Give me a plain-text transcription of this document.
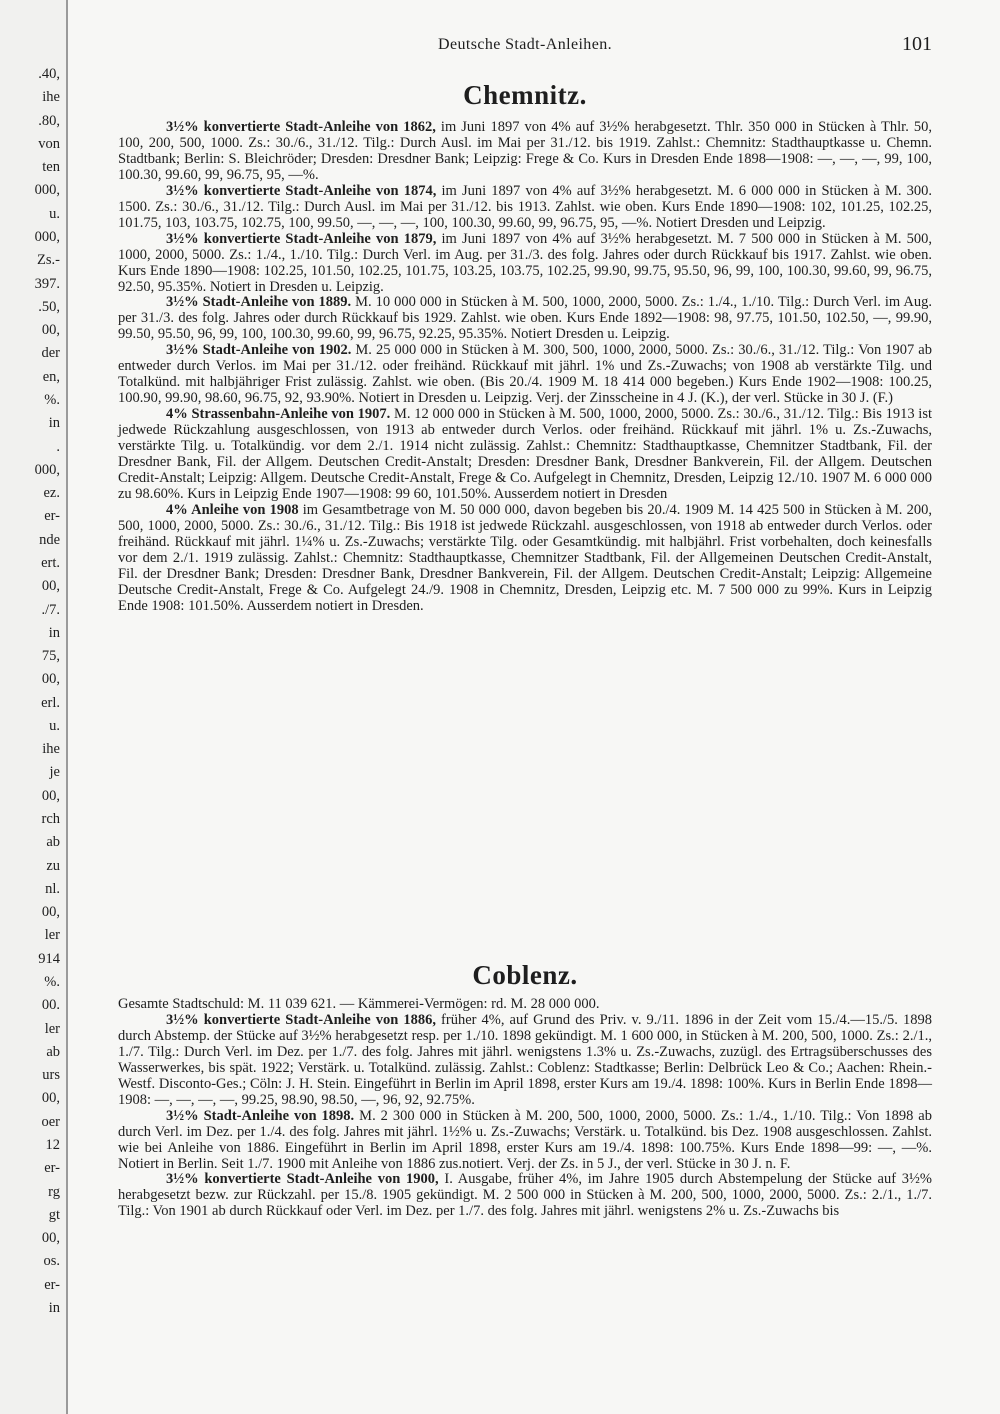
.40,

ihe

.80,

von

ten

000,

u.

000,

Zs.-

397.

.50,

00,

der

en,

%.

in

.

000,

ez.

er-

nde

ert.

00,

./7.

in

75,

00,

erl.

u.

ihe

je

00,

rch

ab

zu

nl.

00,

ler

914

%.

00.

ler

ab

urs

00,

oer

12

er-

rg

gt

00,

os.

er-

in

Deutsche Stadt-Anleihen.	101

Chemnitz.

3½% konvertierte Stadt-Anleihe von 1862, im Juni 1897 von 4% auf 3½% herabgesetzt. Thlr. 350 000 in Stücken à Thlr. 50, 100, 200, 500, 1000. Zs.: 30./6., 31./12. Tilg.: Durch Ausl. im Mai per 31./12. bis 1919. Zahlst.: Chemnitz: Stadthauptkasse u. Chemn. Stadtbank; Berlin: S. Bleichröder; Dresden: Dresdner Bank; Leipzig: Frege & Co. Kurs in Dresden Ende 1898—1908: —, —, —, 99, 100, 100.30, 99.60, 99, 96.75, 95, —%.

3½% konvertierte Stadt-Anleihe von 1874, im Juni 1897 von 4% auf 3½% herabgesetzt. M. 6 000 000 in Stücken à M. 300. 1500. Zs.: 30./6., 31./12. Tilg.: Durch Ausl. im Mai per 31./12. bis 1913. Zahlst. wie oben. Kurs Ende 1890—1908: 102, 101.25, 102.25, 101.75, 103, 103.75, 102.75, 100, 99.50, —, —, —, 100, 100.30, 99.60, 99, 96.75, 95, —%. Notiert Dresden und Leipzig.

3½% konvertierte Stadt-Anleihe von 1879, im Juni 1897 von 4% auf 3½% herabgesetzt. M. 7 500 000 in Stücken à M. 500, 1000, 2000, 5000. Zs.: 1./4., 1./10. Tilg.: Durch Verl. im Aug. per 31./3. des folg. Jahres oder durch Rückkauf bis 1917. Zahlst. wie oben. Kurs Ende 1890—1908: 102.25, 101.50, 102.25, 101.75, 103.25, 103.75, 102.25, 99.90, 99.75, 95.50, 96, 99, 100, 100.30, 99.60, 99, 96.75, 92.50, 95.35%. Notiert in Dresden u. Leipzig.

3½% Stadt-Anleihe von 1889. M. 10 000 000 in Stücken à M. 500, 1000, 2000, 5000. Zs.: 1./4., 1./10. Tilg.: Durch Verl. im Aug. per 31./3. des folg. Jahres oder durch Rückkauf bis 1929. Zahlst. wie oben. Kurs Ende 1892—1908: 98, 97.75, 101.50, 102.50, —, 99.90, 99.50, 95.50, 96, 99, 100, 100.30, 99.60, 99, 96.75, 92.25, 95.35%. Notiert Dresden u. Leipzig.

3½% Stadt-Anleihe von 1902. M. 25 000 000 in Stücken à M. 300, 500, 1000, 2000, 5000. Zs.: 30./6., 31./12. Tilg.: Von 1907 ab entweder durch Verlos. im Mai per 31./12. oder freihänd. Rückkauf mit jährl. 1% und Zs.-Zuwachs; von 1908 ab verstärkte Tilg. und Totalkünd. mit halbjähriger Frist zulässig. Zahlst. wie oben. (Bis 20./4. 1909 M. 18 414 000 begeben.) Kurs Ende 1902—1908: 100.25, 100.90, 99.90, 98.60, 96.75, 92, 93.90%. Notiert in Dresden u. Leipzig. Verj. der Zinsscheine in 4 J. (K.), der verl. Stücke in 30 J. (F.)

4% Strassenbahn-Anleihe von 1907. M. 12 000 000 in Stücken à M. 500, 1000, 2000, 5000. Zs.: 30./6., 31./12. Tilg.: Bis 1913 ist jedwede Rückzahlung ausgeschlossen, von 1913 ab entweder durch Verlos. oder freihänd. Rückkauf mit jährl. 1% u. Zs.-Zuwachs, verstärkte Tilg. u. Totalkündig. vor dem 2./1. 1914 nicht zulässig. Zahlst.: Chemnitz: Stadthauptkasse, Chemnitzer Stadtbank, Fil. der Dresdner Bank, Fil. der Allgem. Deutschen Credit-Anstalt; Dresden: Dresdner Bank, Dresdner Bankverein, Fil. der Allgem. Deutschen Credit-Anstalt; Leipzig: Allgem. Deutsche Credit-Anstalt, Frege & Co. Aufgelegt in Chemnitz, Dresden, Leipzig 12./10. 1907 M. 6 000 000 zu 98.60%. Kurs in Leipzig Ende 1907—1908: 99 60, 101.50%. Ausserdem notiert in Dresden

4% Anleihe von 1908 im Gesamtbetrage von M. 50 000 000, davon begeben bis 20./4. 1909 M. 14 425 500 in Stücken à M. 200, 500, 1000, 2000, 5000. Zs.: 30./6., 31./12. Tilg.: Bis 1918 ist jedwede Rückzahl. ausgeschlossen, von 1918 ab entweder durch Verlos. oder freihänd. Rückkauf mit jährl. 1¼% u. Zs.-Zuwachs; verstärkte Tilg. oder Gesamtkündig. mit halbjährl. Frist vorbehalten, doch keinesfalls vor dem 2./1. 1919 zulässig. Zahlst.: Chemnitz: Stadthauptkasse, Chemnitzer Stadtbank, Fil. der Allgemeinen Deutschen Credit-Anstalt, Fil. der Dresdner Bank; Dresden: Dresdner Bank, Dresdner Bankverein, Fil. der Allgem. Deutschen Credit-Anstalt; Leipzig: Allgemeine Deutsche Credit-Anstalt, Frege & Co. Aufgelegt 24./9. 1908 in Chemnitz, Dresden, Leipzig etc. M. 7 500 000 zu 99%. Kurs in Leipzig Ende 1908: 101.50%. Ausserdem notiert in Dresden.

Coblenz.

Gesamte Stadtschuld: M. 11 039 621. — Kämmerei-Vermögen: rd. M. 28 000 000.

3½% konvertierte Stadt-Anleihe von 1886, früher 4%, auf Grund des Priv. v. 9./11. 1896 in der Zeit vom 15./4.—15./5. 1898 durch Abstemp. der Stücke auf 3½% herabgesetzt resp. per 1./10. 1898 gekündigt. M. 1 600 000, in Stücken à M. 200, 500, 1000. Zs.: 2./1., 1./7. Tilg.: Durch Verl. im Dez. per 1./7. des folg. Jahres mit jährl. wenigstens 1.3% u. Zs.-Zuwachs, zuzügl. des Ertragsüberschusses des Wasserwerkes, bis spät. 1922; Verstärk. u. Totalkünd. zulässig. Zahlst.: Coblenz: Stadtkasse; Berlin: Delbrück Leo & Co.; Aachen: Rhein.-Westf. Disconto-Ges.; Cöln: J. H. Stein. Eingeführt in Berlin im April 1898, erster Kurs am 19./4. 1898: 100%. Kurs in Berlin Ende 1898—1908: —, —, —, —, 99.25, 98.90, 98.50, —, 96, 92, 92.75%.

3½% Stadt-Anleihe von 1898. M. 2 300 000 in Stücken à M. 200, 500, 1000, 2000, 5000. Zs.: 1./4., 1./10. Tilg.: Von 1898 ab durch Verl. im Dez. per 1./4. des folg. Jahres mit jährl. 1½% u. Zs.-Zuwachs; Verstärk. u. Totalkünd. bis Dez. 1908 ausgeschlossen. Zahlst. wie bei Anleihe von 1886. Eingeführt in Berlin im April 1898, erster Kurs am 19./4. 1898: 100.75%. Kurs Ende 1898—99: —, —%. Notiert in Berlin. Seit 1./7. 1900 mit Anleihe von 1886 zus.notiert. Verj. der Zs. in 5 J., der verl. Stücke in 30 J. n. F.

3½% konvertierte Stadt-Anleihe von 1900, I. Ausgabe, früher 4%, im Jahre 1905 durch Abstempelung der Stücke auf 3½% herabgesetzt bezw. zur Rückzahl. per 15./8. 1905 gekündigt. M. 2 500 000 in Stücken à M. 200, 500, 1000, 2000, 5000. Zs.: 2./1., 1./7. Tilg.: Von 1901 ab durch Rückkauf oder Verl. im Dez. per 1./7. des folg. Jahres mit jährl. wenigstens 2% u. Zs.-Zuwachs bis
